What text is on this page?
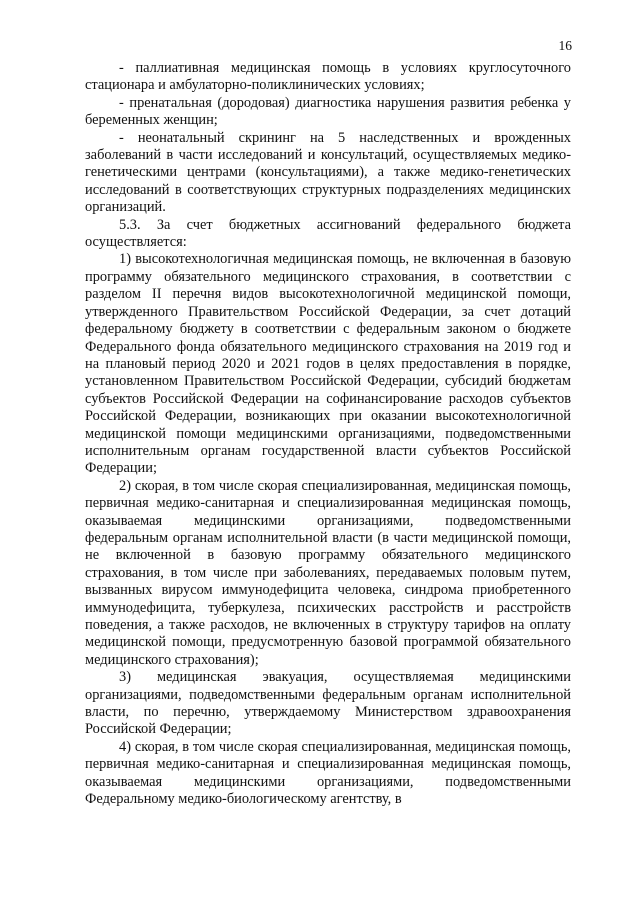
16

- паллиативная медицинская помощь в условиях круглосуточного стационара и амбулаторно-поликлинических условиях;

- пренатальная (дородовая) диагностика нарушения развития ребенка у беременных женщин;

- неонатальный скрининг на 5 наследственных и врожденных заболеваний в части исследований и консультаций, осуществляемых медико-генетическими центрами (консультациями), а также медико-генетических исследований в соответствующих структурных подразделениях медицинских организаций.

5.3. За счет бюджетных ассигнований федерального бюджета осуществляется:

1) высокотехнологичная медицинская помощь, не включенная в базовую программу обязательного медицинского страхования, в соответствии с разделом II перечня видов высокотехнологичной медицинской помощи, утвержденного Правительством Российской Федерации, за счет дотаций федеральному бюджету в соответствии с федеральным законом о бюджете Федерального фонда обязательного медицинского страхования на 2019 год и на плановый период 2020 и 2021 годов в целях предоставления в порядке, установленном Правительством Российской Федерации, субсидий бюджетам субъектов Российской Федерации на софинансирование расходов субъектов Российской Федерации, возникающих при оказании высокотехнологичной медицинской помощи медицинскими организациями, подведомственными исполнительным органам государственной власти субъектов Российской Федерации;

2) скорая, в том числе скорая специализированная, медицинская помощь, первичная медико-санитарная и специализированная медицинская помощь, оказываемая медицинскими организациями, подведомственными федеральным органам исполнительной власти (в части медицинской помощи, не включенной в базовую программу обязательного медицинского страхования, в том числе при заболеваниях, передаваемых половым путем, вызванных вирусом иммунодефицита человека, синдрома приобретенного иммунодефицита, туберкулеза, психических расстройств и расстройств поведения, а также расходов, не включенных в структуру тарифов на оплату медицинской помощи, предусмотренную базовой программой обязательного медицинского страхования);

3) медицинская эвакуация, осуществляемая медицинскими организациями, подведомственными федеральным органам исполнительной власти, по перечню, утверждаемому Министерством здравоохранения Российской Федерации;

4) скорая, в том числе скорая специализированная, медицинская помощь, первичная медико-санитарная и специализированная медицинская помощь, оказываемая медицинскими организациями, подведомственными Федеральному медико-биологическому агентству, в
